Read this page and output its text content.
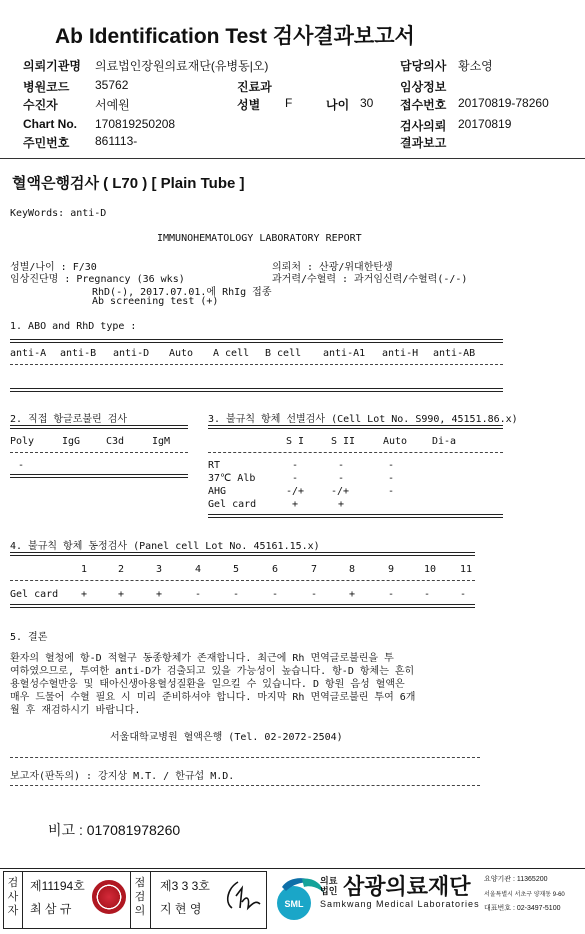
Ab Identification Test 검사결과보고서
의뢰기관명 의료법인장원의료재단(유병동|오)	담당의사 황소영
병원코드 35762	진료과	임상정보
수진자	서예원	성별 F	나이 30 접수번호 20170819-78260
Chart No. 170819250208	검사의뢰 20170819
주민번호 861113-	결과보고
혈액은행검사 ( L70 ) [ Plain Tube ]
KeyWords: anti-D
IMMUNOHEMATOLOGY LABORATORY REPORT
성별/나이 : F/30
임상진단명 : Pregnancy (36 wks)
RhD(-), 2017.07.01.에 RhIg 접종
Ab screening test (+)
의뢰처 : 산광/위대한탄생
과거력/수혈력 : 과거임신력/수혈력(-/-)
1. ABO and RhD type :
anti-A anti-B anti-D Auto A cell B cell anti-A1 anti-H anti-AB
2. 직접 항글로불린 검사
Poly	IgG	C3d	IgM
-
3. 불규칙 항체 선별검사 (Cell Lot No. S990, 45151.86.x)
S I	S II	Auto Di-a
RT	-	-	-
37℃ Alb	-	-	-
AHG	-/+	-/+	-
Gel card	+	+
4. 불규칙 항체 동정검사 (Panel cell Lot No. 45161.15.x)
1	2	3	4	5	6	7	8	9	10 11
Gel card +	+	+	-	-	-	-	+	-	-	-
5. 결론
환자의 혈청에 항-D 적혈구 동종항체가 존재합니다. 최근에 Rh 면역글로불린을 투
여하였으므로, 투여한 anti-D가 검출되고 있을 가능성이 높습니다. 항-D 항체는 흔히
용혈성수혈반응 및 태아신생아용혈성질환을 일으킬 수 있습니다. D 항원 음성 혈액은
매우 드물어 수혈 필요 시 미리 준비하셔야 합니다. 마지막 Rh 면역글로불린 투여 6개
월 후 재검하시기 바랍니다.
서울대학교병원 혈액은행 (Tel. 02-2072-2504)
보고자(판독의) : 강지상 M.T. / 한규섭 M.D.
비고 : 017081978260
검사자
제11194호
최 삼 규
점검의
제3 3 3호
지 현 영	SML
의료
법인 삼광의료재단
Samkwang Medical Laboratories
요양기관 : 11365200
서울특별시 서초구 양재동 9-60
대표번호 : 02-3497-5100
